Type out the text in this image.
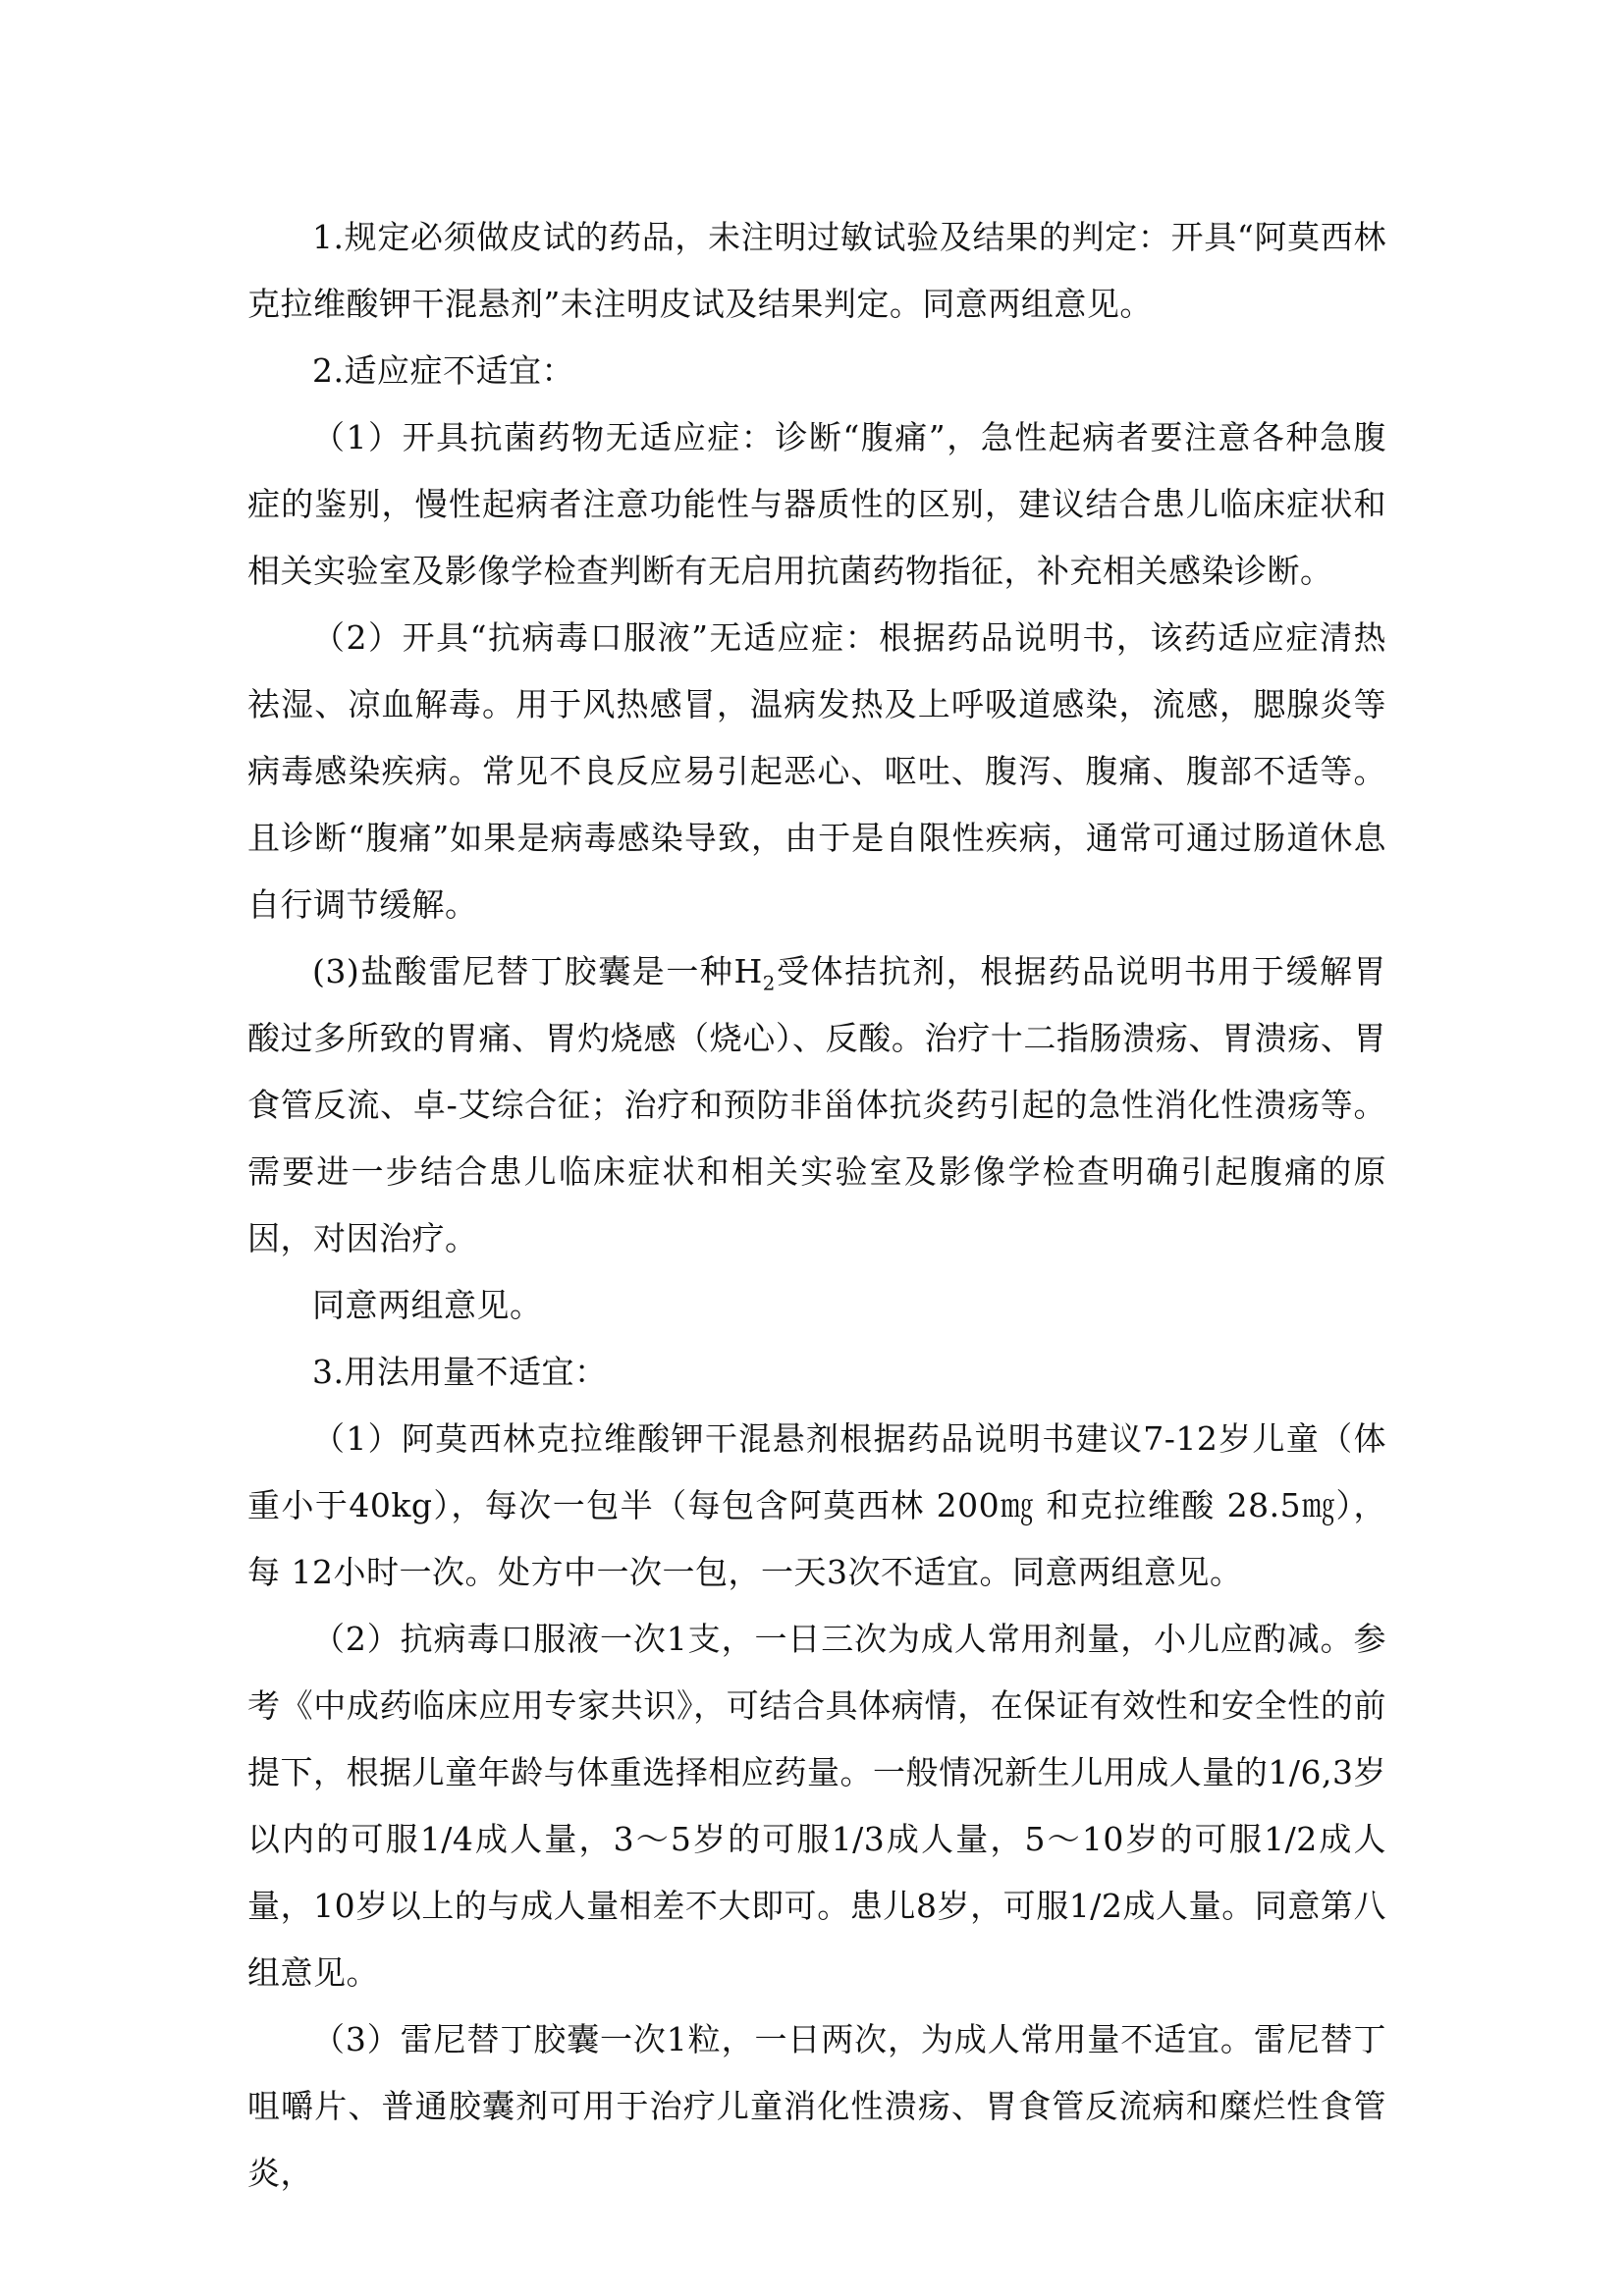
1.规定必须做皮试的药品，未注明过敏试验及结果的判定：开具“阿莫西林克拉维酸钾干混悬剂”未注明皮试及结果判定。同意两组意见。

2.适应症不适宜：

（1）开具抗菌药物无适应症：诊断“腹痛”，急性起病者要注意各种急腹症的鉴别，慢性起病者注意功能性与器质性的区别，建议结合患儿临床症状和相关实验室及影像学检查判断有无启用抗菌药物指征，补充相关感染诊断。

（2）开具“抗病毒口服液”无适应症：根据药品说明书，该药适应症清热祛湿、凉血解毒。用于风热感冒，温病发热及上呼吸道感染，流感，腮腺炎等病毒感染疾病。常见不良反应易引起恶心、呕吐、腹泻、腹痛、腹部不适等。且诊断“腹痛”如果是病毒感染导致，由于是自限性疾病，通常可通过肠道休息自行调节缓解。

(3)盐酸雷尼替丁胶囊是一种$H_2$受体拮抗剂，根据药品说明书用于缓解胃酸过多所致的胃痛、胃灼烧感（烧心）、反酸。治疗十二指肠溃疡、胃溃疡、胃食管反流、卓-艾综合征；治疗和预防非甾体抗炎药引起的急性消化性溃疡等。需要进一步结合患儿临床症状和相关实验室及影像学检查明确引起腹痛的原因，对因治疗。

同意两组意见。

3.用法用量不适宜：

（1）阿莫西林克拉维酸钾干混悬剂根据药品说明书建议7-12岁儿童（体重小于40kg），每次一包半（每包含阿莫西林 200㎎ 和克拉维酸 28.5㎎），每 12小时一次。处方中一次一包，一天3次不适宜。同意两组意见。

（2）抗病毒口服液一次1支，一日三次为成人常用剂量，小儿应酌减。参考《中成药临床应用专家共识》，可结合具体病情，在保证有效性和安全性的前提下，根据儿童年龄与体重选择相应药量。一般情况新生儿用成人量的1/6,3岁以内的可服1/4成人量，3～5岁的可服1/3成人量，5～10岁的可服1/2成人量，10岁以上的与成人量相差不大即可。患儿8岁，可服1/2成人量。同意第八组意见。

（3）雷尼替丁胶囊一次1粒，一日两次，为成人常用量不适宜。雷尼替丁咀嚼片、普通胶囊剂可用于治疗儿童消化性溃疡、胃食管反流病和糜烂性食管炎，
